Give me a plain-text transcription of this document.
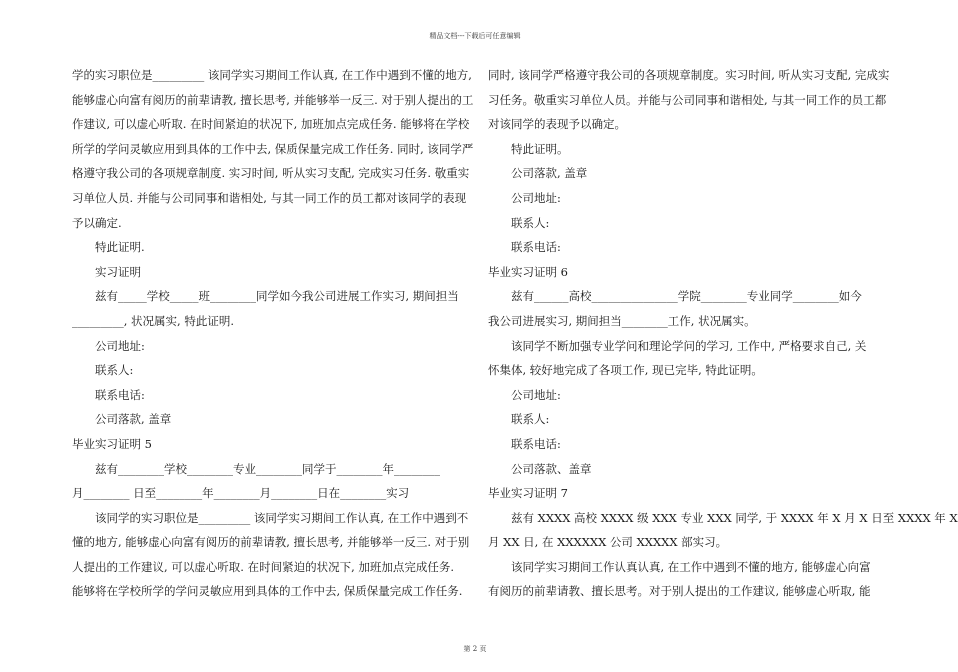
精品文档---下载后可任意编辑
学的实习职位是_________ 该同学实习期间工作认真, 在工作中遇到不懂的地方,
能够虚心向富有阅历的前辈请教, 擅长思考, 并能够举一反三. 对于别人提出的工
作建议, 可以虚心听取. 在时间紧迫的状况下, 加班加点完成任务. 能够将在学校
所学的学问灵敏应用到具体的工作中去, 保质保量完成工作任务. 同时, 该同学严
格遵守我公司的各项规章制度. 实习时间, 听从实习支配, 完成实习任务. 敬重实
习单位人员. 并能与公司同事和谐相处, 与其一同工作的员工都对该同学的表现
予以确定.
特此证明.
实习证明
兹有_____学校_____班________同学如今我公司进展工作实习, 期间担当
_________, 状况属实, 特此证明.
公司地址:
联系人:
联系电话:
公司落款, 盖章
毕业实习证明 5
兹有________学校________专业________同学于________年________
月________ 日至________年________月________日在________实习
该同学的实习职位是_________ 该同学实习期间工作认真, 在工作中遇到不
懂的地方, 能够虚心向富有阅历的前辈请教, 擅长思考, 并能够举一反三. 对于别
人提出的工作建议, 可以虚心听取. 在时间紧迫的状况下, 加班加点完成任务.
能够将在学校所学的学问灵敏应用到具体的工作中去, 保质保量完成工作任务.
同时, 该同学严格遵守我公司的各项规章制度。实习时间, 听从实习支配, 完成实
习任务。敬重实习单位人员。并能与公司同事和谐相处, 与其一同工作的员工都
对该同学的表现予以确定。
特此证明。
公司落款, 盖章
公司地址:
联系人:
联系电话:
毕业实习证明 6
兹有______高校_______________学院________专业同学________如今
我公司进展实习, 期间担当________工作, 状况属实。
该同学不断加强专业学问和理论学问的学习, 工作中, 严格要求自己, 关
怀集体, 较好地完成了各项工作, 现已完毕, 特此证明。
公司地址:
联系人:
联系电话:
公司落款、盖章
毕业实习证明 7
兹有 XXXX 高校 XXXX 级 XXX 专业 XXX 同学, 于 XXXX 年 X 月 X 日至 XXXX 年 X
月 XX 日, 在 XXXXXX 公司 XXXXX 部实习。
该同学实习期间工作认真认真, 在工作中遇到不懂的地方, 能够虚心向富
有阅历的前辈请教、擅长思考。对于别人提出的工作建议, 能够虚心听取, 能
第 2 页
